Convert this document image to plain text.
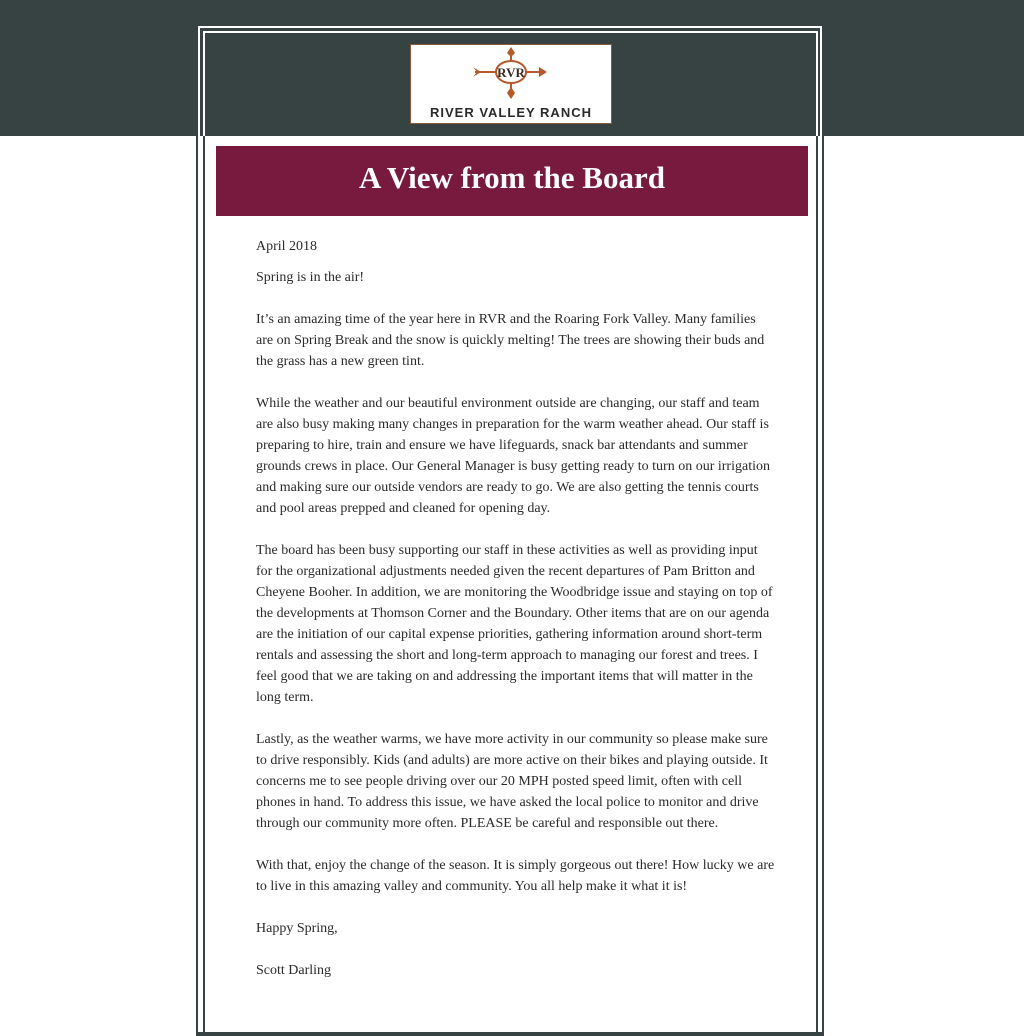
RVR
RIVER VALLEY RANCH
A View from the Board

April 2018

Spring is in the air!

It’s an amazing time of the year here in RVR and the Roaring Fork Valley. Many families are on Spring Break and the snow is quickly melting! The trees are showing their buds and the grass has a new green tint.

While the weather and our beautiful environment outside are changing, our staff and team are also busy making many changes in preparation for the warm weather ahead. Our staff is preparing to hire, train and ensure we have lifeguards, snack bar attendants and summer grounds crews in place. Our General Manager is busy getting ready to turn on our irrigation and making sure our outside vendors are ready to go. We are also getting the tennis courts and pool areas prepped and cleaned for opening day.

The board has been busy supporting our staff in these activities as well as providing input for the organizational adjustments needed given the recent departures of Pam Britton and Cheyene Booher. In addition, we are monitoring the Woodbridge issue and staying on top of the developments at Thomson Corner and the Boundary. Other items that are on our agenda are the initiation of our capital expense priorities, gathering information around short-term rentals and assessing the short and long-term approach to managing our forest and trees. I feel good that we are taking on and addressing the important items that will matter in the long term.

Lastly, as the weather warms, we have more activity in our community so please make sure to drive responsibly. Kids (and adults) are more active on their bikes and playing outside. It concerns me to see people driving over our 20 MPH posted speed limit, often with cell phones in hand. To address this issue, we have asked the local police to monitor and drive through our community more often. PLEASE be careful and responsible out there.

With that, enjoy the change of the season. It is simply gorgeous out there! How lucky we are to live in this amazing valley and community. You all help make it what it is!

Happy Spring,

Scott Darling
